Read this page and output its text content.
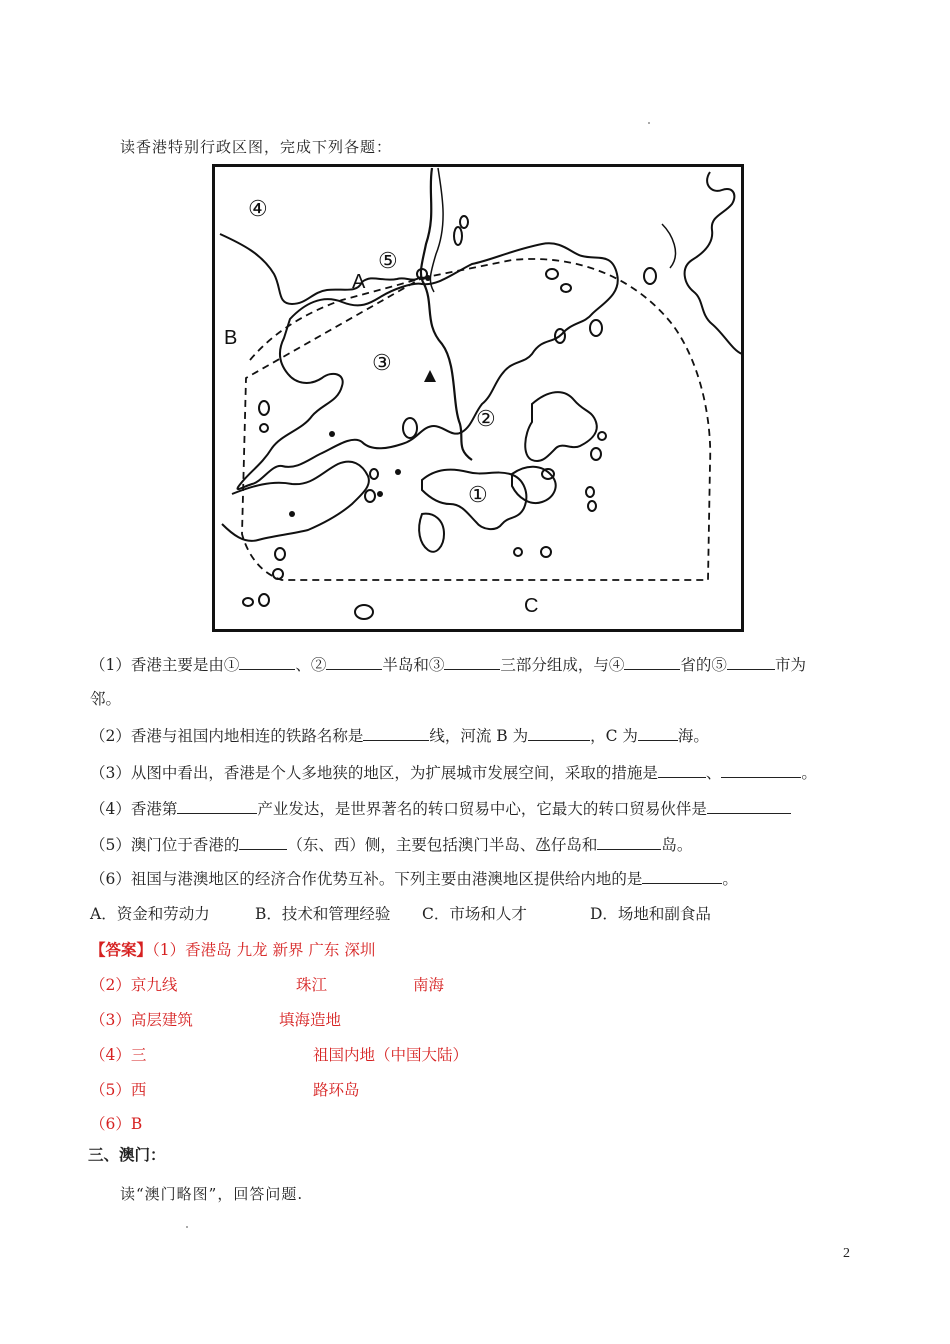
读香港特别行政区图，完成下列各题：
④
⑤
A
B
③
②
①
C
（1）香港主要是由①	、②	半岛和③	三部分组成，与④	省的⑤	市为
邻。
（2）香港与祖国内地相连的铁路名称是	线，河流 B 为	，C 为	海。
（3）从图中看出，香港是个人多地狭的地区，为扩展城市发展空间，采取的措施是	、	。
（4）香港第	产业发达，是世界著名的转口贸易中心，它最大的转口贸易伙伴是
（5）澳门位于香港的	（东、西）侧，主要包括澳门半岛、氹仔岛和	岛。
（6）祖国与港澳地区的经济合作优势互补。下列主要由港澳地区提供给内地的是	。
A．资金和劳动力	B．技术和管理经验 C．市场和人才	D．场地和副食品
【答案】（1）香港岛 九龙 新界 广东 深圳
（2）京九线	珠江	南海
（3）高层建筑	填海造地
（4）三	祖国内地（中国大陆）
（5）西	路环岛
（6）B
三、澳门：
读“澳门略图”，回答问题.
2
